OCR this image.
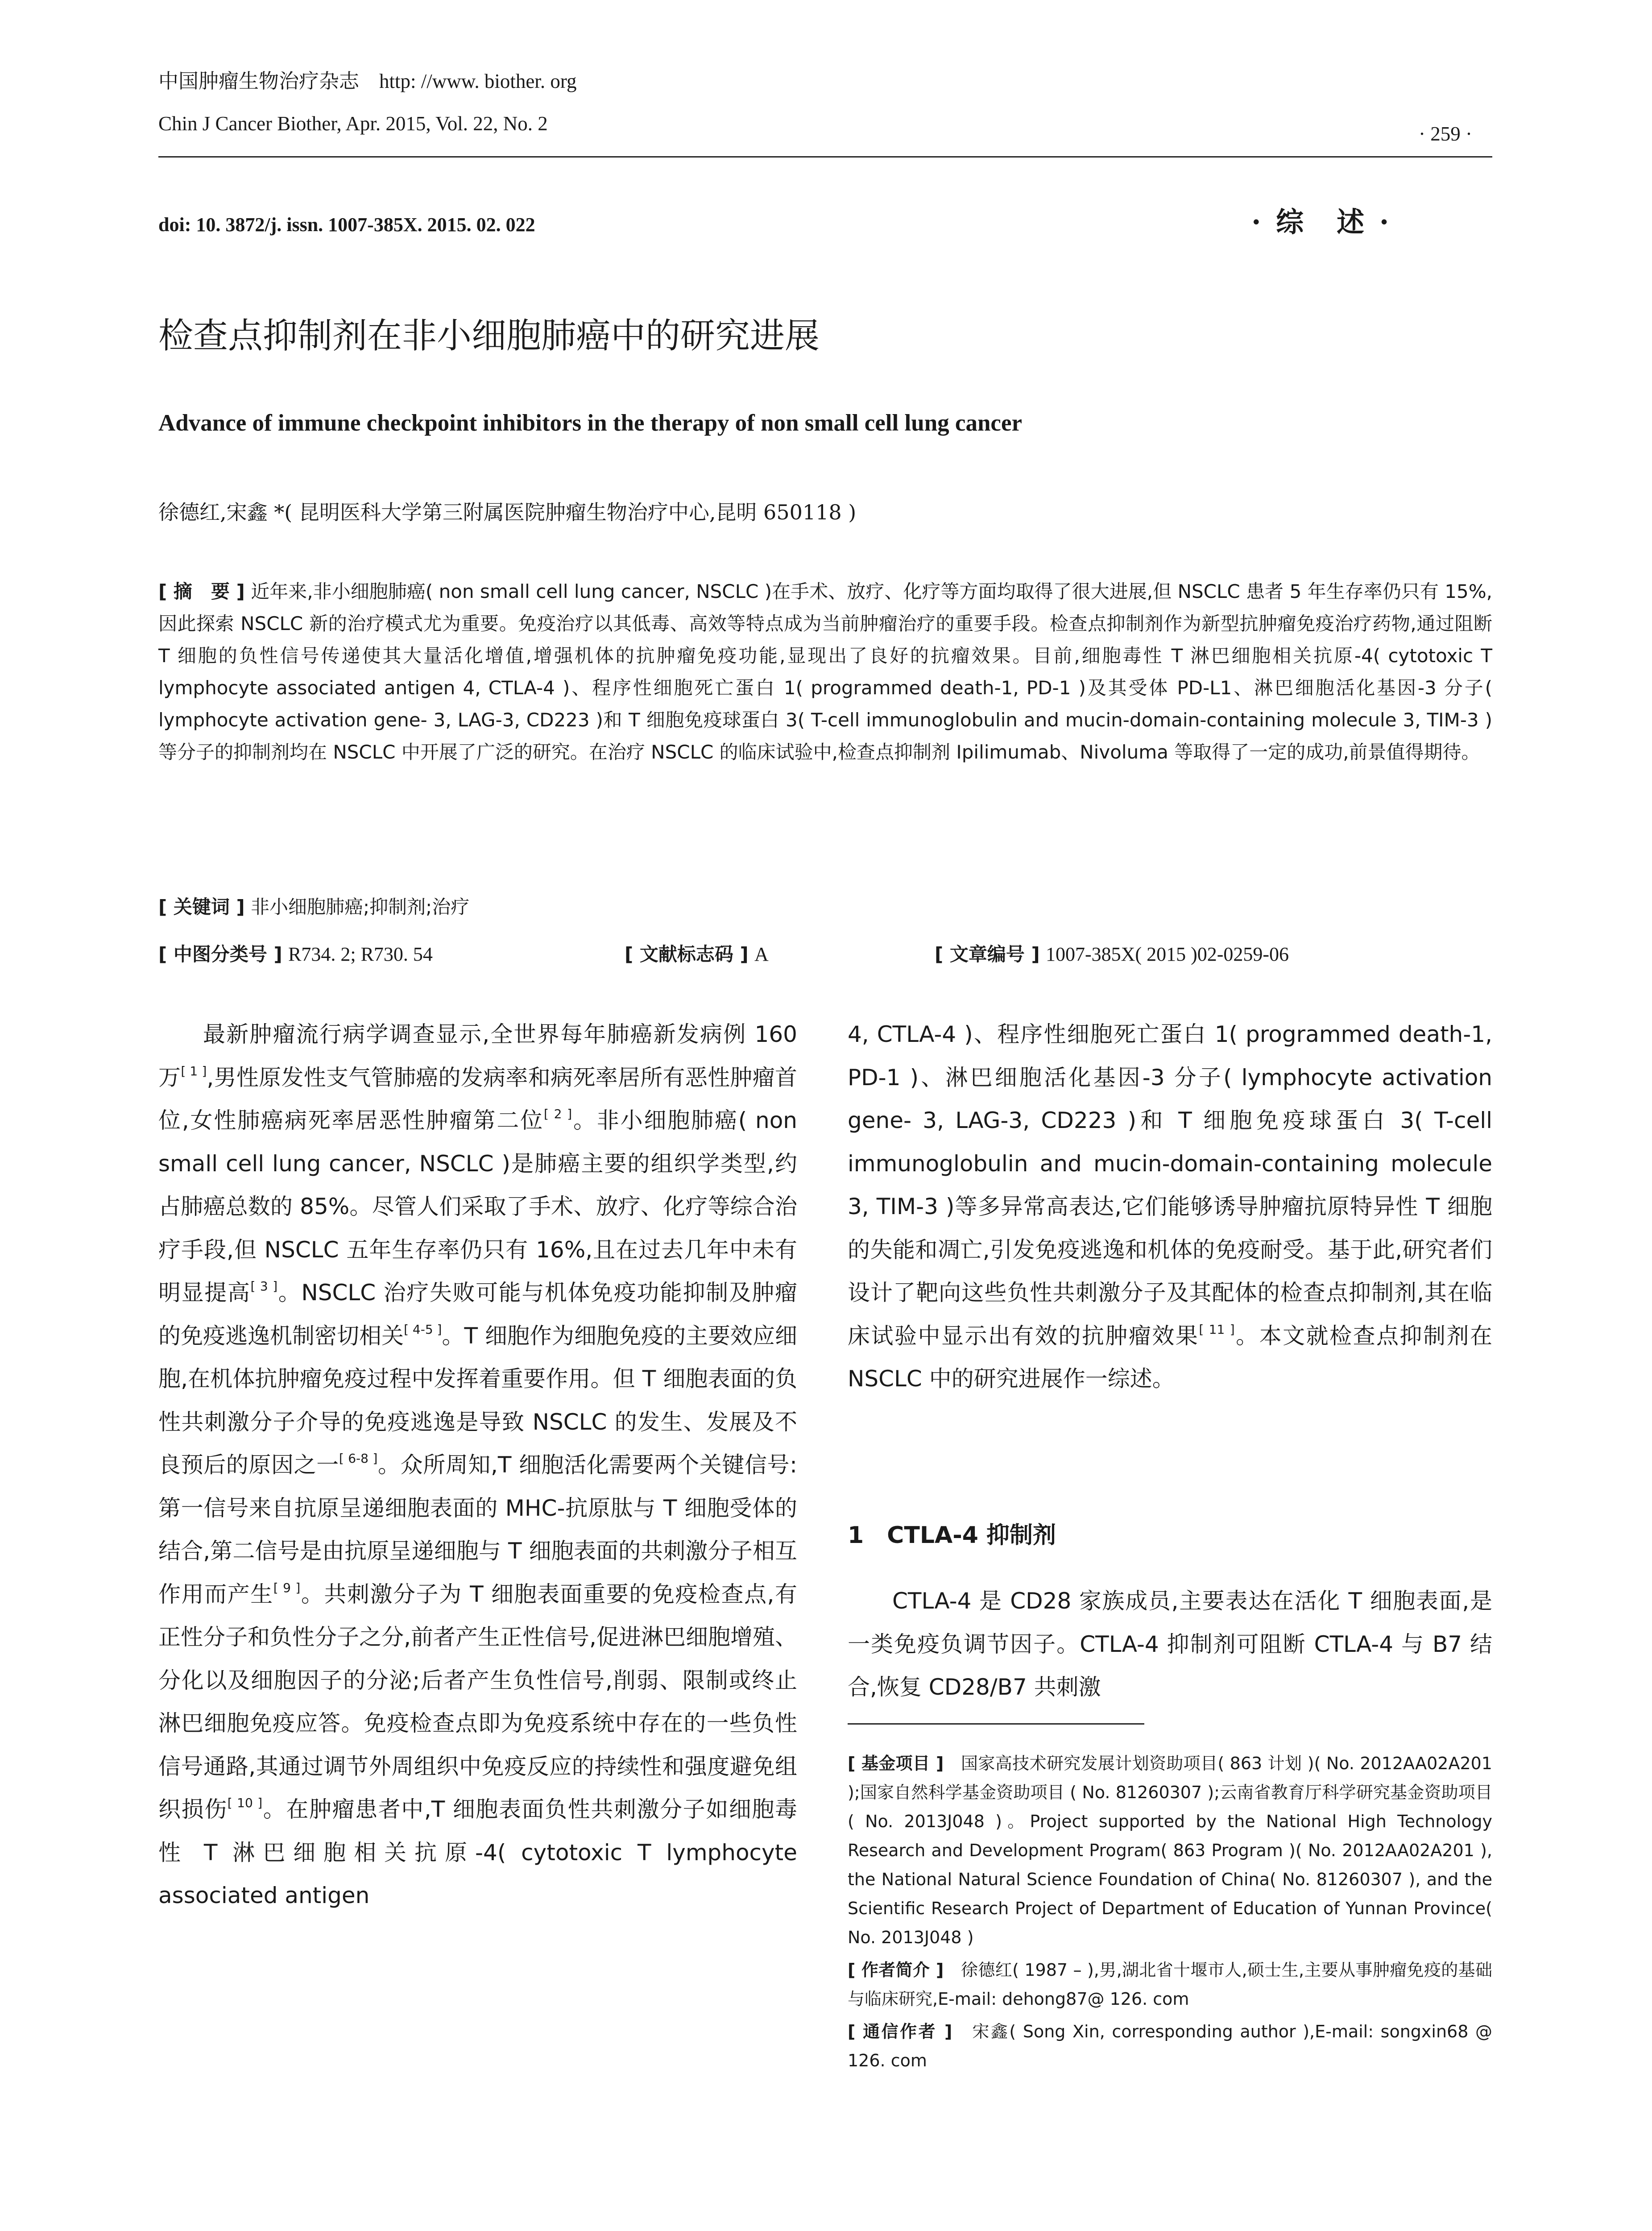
中国肿瘤生物治疗杂志　http: //www. biother. org
Chin J Cancer Biother, Apr. 2015, Vol. 22, No. 2	· 259 ·
doi: 10. 3872/j. issn. 1007-385X. 2015. 02. 022	· 综　述 ·
检查点抑制剂在非小细胞肺癌中的研究进展
Advance of immune checkpoint inhibitors in the therapy of non small cell lung cancer
徐德红,宋鑫 *( 昆明医科大学第三附属医院肿瘤生物治疗中心,昆明 650118 )
[ 摘　要 ] 近年来,非小细胞肺癌( non small cell lung cancer, NSCLC )在手术、放疗、化疗等方面均取得了很大进展,但 NSCLC 患者 5 年生存率仍只有 15%,因此探索 NSCLC 新的治疗模式尤为重要。免疫治疗以其低毒、高效等特点成为当前肿瘤治疗的重要手段。检查点抑制剂作为新型抗肿瘤免疫治疗药物,通过阻断 T 细胞的负性信号传递使其大量活化增值,增强机体的抗肿瘤免疫功能,显现出了良好的抗瘤效果。目前,细胞毒性 T 淋巴细胞相关抗原-4( cytotoxic T lymphocyte associated antigen 4, CTLA-4 )、程序性细胞死亡蛋白 1( programmed death-1, PD-1 )及其受体 PD-L1、淋巴细胞活化基因-3 分子( lymphocyte activation gene- 3, LAG-3, CD223 )和 T 细胞免疫球蛋白 3( T-cell immunoglobulin and mucin-domain-containing molecule 3, TIM-3 )等分子的抑制剂均在 NSCLC 中开展了广泛的研究。在治疗 NSCLC 的临床试验中,检查点抑制剂 Ipilimumab、Nivoluma 等取得了一定的成功,前景值得期待。
[ 关键词 ] 非小细胞肺癌;抑制剂;治疗
[ 中图分类号 ] R734. 2; R730. 54	[ 文献标志码 ] A	[ 文章编号 ] 1007-385X( 2015 )02-0259-06

最新肿瘤流行病学调查显示,全世界每年肺癌新发病例 160 万[ 1 ],男性原发性支气管肺癌的发病率和病死率居所有恶性肿瘤首位,女性肺癌病死率居恶性肿瘤第二位[ 2 ]。非小细胞肺癌( non small cell lung cancer, NSCLC )是肺癌主要的组织学类型,约占肺癌总数的 85%。尽管人们采取了手术、放疗、化疗等综合治疗手段,但 NSCLC 五年生存率仍只有 16%,且在过去几年中未有明显提高[ 3 ]。NSCLC 治疗失败可能与机体免疫功能抑制及肿瘤的免疫逃逸机制密切相关[ 4-5 ]。T 细胞作为细胞免疫的主要效应细胞,在机体抗肿瘤免疫过程中发挥着重要作用。但 T 细胞表面的负性共刺激分子介导的免疫逃逸是导致 NSCLC 的发生、发展及不良预后的原因之一[ 6-8 ]。众所周知,T 细胞活化需要两个关键信号:第一信号来自抗原呈递细胞表面的 MHC-抗原肽与 T 细胞受体的结合,第二信号是由抗原呈递细胞与 T 细胞表面的共刺激分子相互作用而产生[ 9 ]。共刺激分子为 T 细胞表面重要的免疫检查点,有正性分子和负性分子之分,前者产生正性信号,促进淋巴细胞增殖、分化以及细胞因子的分泌;后者产生负性信号,削弱、限制或终止淋巴细胞免疫应答。免疫检查点即为免疫系统中存在的一些负性信号通路,其通过调节外周组织中免疫反应的持续性和强度避免组织损伤[ 10 ]。在肿瘤患者中,T 细胞表面负性共刺激分子如细胞毒性 T 淋巴细胞相关抗原-4( cytotoxic T lymphocyte associated antigen

4, CTLA-4 )、程序性细胞死亡蛋白 1( programmed death-1, PD-1 )、淋巴细胞活化基因-3 分子( lymphocyte activation gene- 3, LAG-3, CD223 )和 T 细胞免疫球蛋白 3( T-cell immunoglobulin and mucin-domain-containing molecule 3, TIM-3 )等多异常高表达,它们能够诱导肿瘤抗原特异性 T 细胞的失能和凋亡,引发免疫逃逸和机体的免疫耐受。基于此,研究者们设计了靶向这些负性共刺激分子及其配体的检查点抑制剂,其在临床试验中显示出有效的抗肿瘤效果[ 11 ]。本文就检查点抑制剂在 NSCLC 中的研究进展作一综述。

1　CTLA-4 抑制剂

CTLA-4 是 CD28 家族成员,主要表达在活化 T 细胞表面,是一类免疫负调节因子。CTLA-4 抑制剂可阻断 CTLA-4 与 B7 结合,恢复 CD28/B7 共刺激

[ 基金项目 ]　 国家高技术研究发展计划资助项目( 863 计划 )( No. 2012AA02A201 );国家自然科学基金资助项目 ( No. 81260307 );云南省教育厅科学研究基金资助项目( No. 2013J048 )。Project supported by the National High Technology Research and Development Program( 863 Program )( No. 2012AA02A201 ), the National Natural Science Foundation of China( No. 81260307 ), and the Scientific Research Project of Department of Education of Yunnan Province( No. 2013J048 )

[ 作者简介 ]　 徐德红( 1987 – ),男,湖北省十堰市人,硕士生,主要从事肿瘤免疫的基础与临床研究,E-mail: dehong87@ 126. com

[ 通信作者 ]　 宋鑫( Song Xin, corresponding author ),E-mail: songxin68 @ 126. com
